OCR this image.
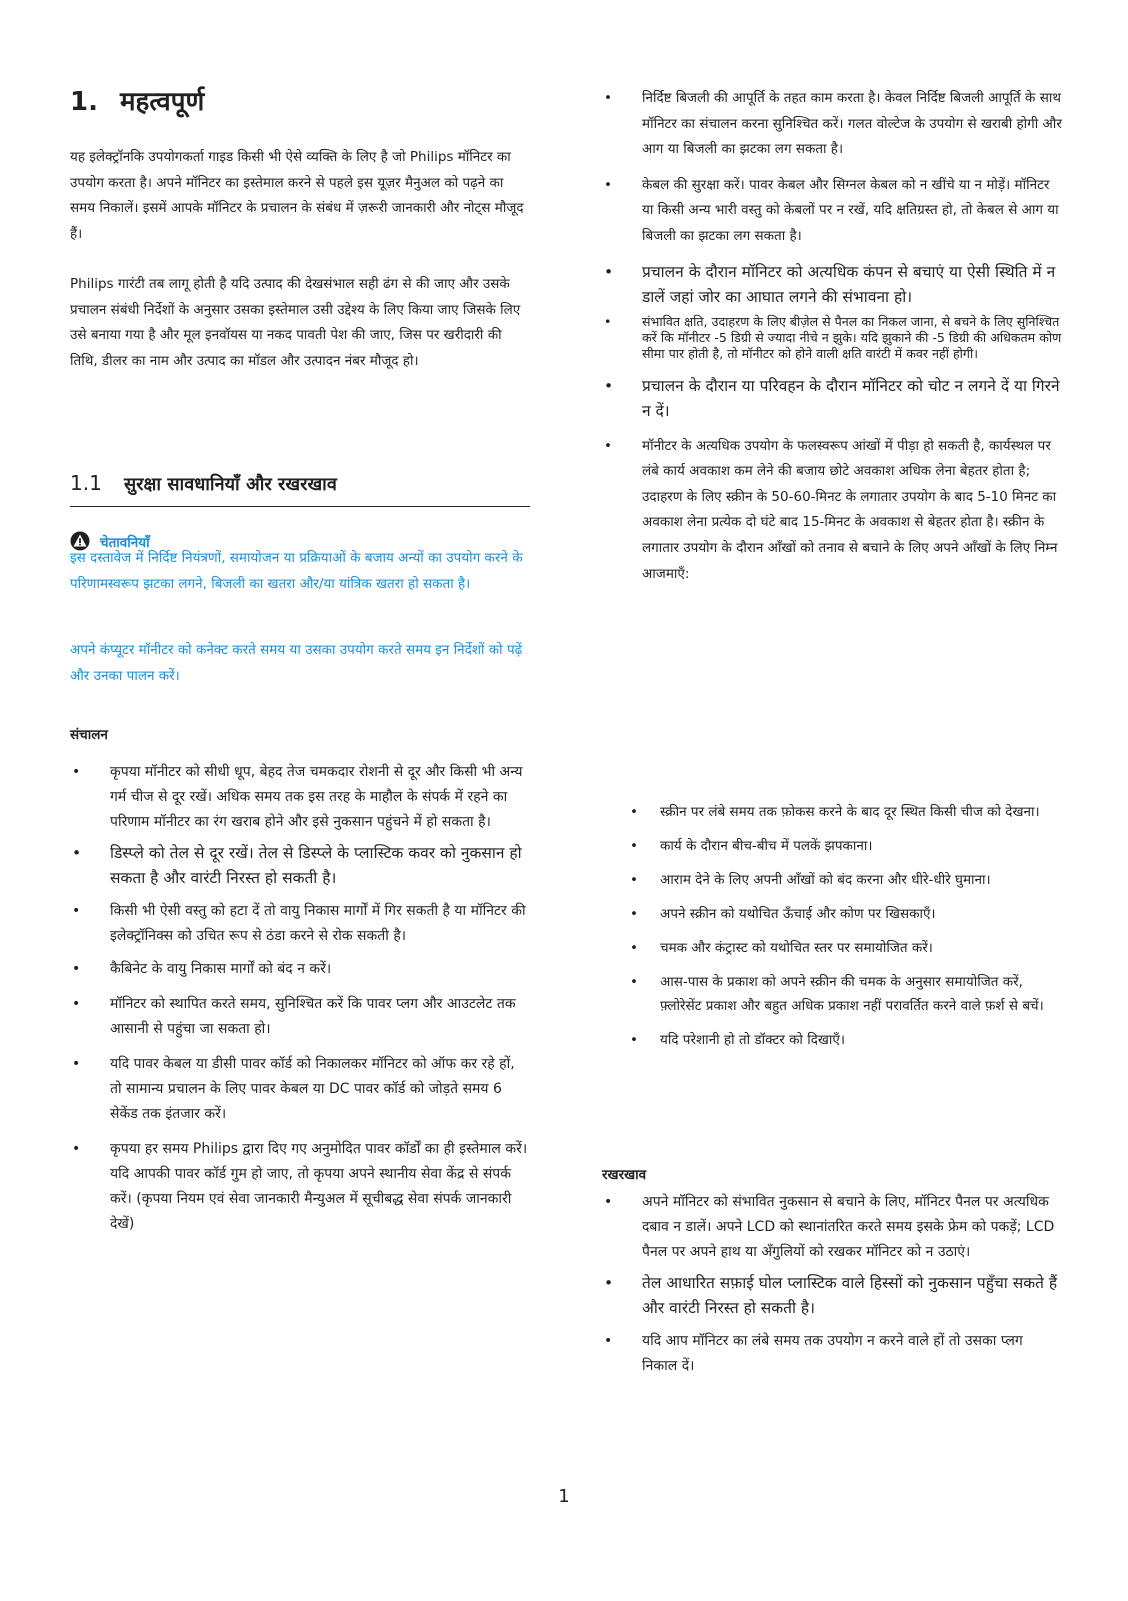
1. महत्वपूर्ण
यह इलेक्ट्रॉनकि उपयोगकर्ता गाइड किसी भी ऐसे व्यक्ति के लिए है जो Philips मॉनिटर का उपयोग करता है। अपने मॉनिटर का इस्तेमाल करने से पहले इस यूज़र मैनुअल को पढ़ने का समय निकालें। इसमें आपके मॉनिटर के प्रचालन के संबंध में ज़रूरी जानकारी और नोट्स मौजूद हैं।
Philips गारंटी तब लागू होती है यदि उत्पाद की देखसंभाल सही ढंग से की जाए और उसके प्रचालन संबंधी निर्देशों के अनुसार उसका इस्तेमाल उसी उद्देश्य के लिए किया जाए जिसके लिए उसे बनाया गया है और मूल इनवॉयस या नकद पावती पेश की जाए, जिस पर खरीदारी की तिथि, डीलर का नाम और उत्पाद का मॉडल और उत्पादन नंबर मौजूद हो।
1.1 सुरक्षा सावधानियाँ और रखरखाव
चेतावनियाँ
इस दस्तावेज में निर्दिष्ट नियंत्रणों, समायोजन या प्रक्रियाओं के बजाय अन्यों का उपयोग करने के परिणामस्वरूप झटका लगने, बिजली का खतरा और/या यांत्रिक खतरा हो सकता है।
अपने कंप्यूटर मॉनीटर को कनेक्ट करते समय या उसका उपयोग करते समय इन निर्देशों को पढ़ें और उनका पालन करें।
संचालन
•	कृपया मॉनीटर को सीधी धूप, बेहद तेज चमकदार रोशनी से दूर और किसी भी अन्य गर्म चीज से दूर रखें। अधिक समय तक इस तरह के माहौल के संपर्क में रहने का परिणाम मॉनीटर का रंग खराब होने और इसे नुकसान पहुंचने में हो सकता है।
•	डिस्प्ले को तेल से दूर रखें। तेल से डिस्प्ले के प्लास्टिक कवर को नुकसान हो सकता है और वारंटी निरस्त हो सकती है।
•	किसी भी ऐसी वस्तु को हटा दें तो वायु निकास मार्गों में गिर सकती है या मॉनिटर की इलेक्ट्रॉनिक्स को उचित रूप से ठंडा करने से रोक सकती है।
•	कैबिनेट के वायु निकास मार्गों को बंद न करें।
•	मॉनिटर को स्थापित करते समय, सुनिश्चित करें कि पावर प्लग और आउटलेट तक आसानी से पहुंचा जा सकता हो।
•	यदि पावर केबल या डीसी पावर कॉर्ड को निकालकर मॉनिटर को ऑफ कर रहे हों, तो सामान्य प्रचालन के लिए पावर केबल या DC पावर कॉर्ड को जोड़ते समय 6 सेकेंड तक इंतजार करें।
•	कृपया हर समय Philips द्वारा दिए गए अनुमोदित पावर कॉर्डों का ही इस्तेमाल करें। यदि आपकी पावर कॉर्ड गुम हो जाए, तो कृपया अपने स्थानीय सेवा केंद्र से संपर्क करें। (कृपया नियम एवं सेवा जानकारी मैन्युअल में सूचीबद्ध सेवा संपर्क जानकारी देखें)
•	निर्दिष्ट बिजली की आपूर्ति के तहत काम करता है। केवल निर्दिष्ट बिजली आपूर्ति के साथ मॉनिटर का संचालन करना सुनिश्चित करें। गलत वोल्टेज के उपयोग से खराबी होगी और आग या बिजली का झटका लग सकता है।
•	केबल की सुरक्षा करें। पावर केबल और सिग्नल केबल को न खींचे या न मोड़ें। मॉनिटर या किसी अन्य भारी वस्तु को केबलों पर न रखें, यदि क्षतिग्रस्त हो, तो केबल से आग या बिजली का झटका लग सकता है।
•	प्रचालन के दौरान मॉनिटर को अत्यधिक कंपन से बचाएं या ऐसी स्थिति में न डालें जहां जोर का आघात लगने की संभावना हो।
•	संभावित क्षति, उदाहरण के लिए बीज़ेल से पैनल का निकल जाना, से बचने के लिए सुनिश्चित करें कि मॉनीटर -5 डिग्री से ज्यादा नीचे न झुके। यदि झुकाने की -5 डिग्री की अधिकतम कोण सीमा पार होती है, तो मॉनीटर को होने वाली क्षति वारंटी में कवर नहीं होगी।
•	प्रचालन के दौरान या परिवहन के दौरान मॉनिटर को चोट न लगने दें या गिरने न दें।
•	मॉनीटर के अत्यधिक उपयोग के फलस्वरूप आंखों में पीड़ा हो सकती है, कार्यस्थल पर लंबे कार्य अवकाश कम लेने की बजाय छोटे अवकाश अधिक लेना बेहतर होता है; उदाहरण के लिए स्क्रीन के 50-60-मिनट के लगातार उपयोग के बाद 5-10 मिनट का अवकाश लेना प्रत्येक दो घंटे बाद 15-मिनट के अवकाश से बेहतर होता है। स्क्रीन के लगातार उपयोग के दौरान आँखों को तनाव से बचाने के लिए अपने आँखों के लिए निम्न आजमाएँ:
• स्क्रीन पर लंबे समय तक फ़ोकस करने के बाद दूर स्थित किसी चीज को देखना।
• कार्य के दौरान बीच-बीच में पलकें झपकाना।
• आराम देने के लिए अपनी आँखों को बंद करना और धीरे-धीरे घुमाना।
• अपने स्क्रीन को यथोचित ऊँचाई और कोण पर खिसकाएँ।
• चमक और कंट्रास्ट को यथोचित स्तर पर समायोजित करें।
• आस-पास के प्रकाश को अपने स्क्रीन की चमक के अनुसार समायोजित करें, फ़्लोरेसेंट प्रकाश और बहुत अधिक प्रकाश नहीं परावर्तित करने वाले फ़र्श से बचें।
• यदि परेशानी हो तो डॉक्टर को दिखाएँ।
रखरखाव
•	अपने मॉनिटर को संभावित नुकसान से बचाने के लिए, मॉनिटर पैनल पर अत्यधिक दबाव न डालें। अपने LCD को स्थानांतरित करते समय इसके फ्रेम को पकड़ें; LCD पैनल पर अपने हाथ या अँगुलियों को रखकर मॉनिटर को न उठाएं।
•	तेल आधारित सफ़ाई घोल प्लास्टिक वाले हिस्सों को नुकसान पहुँचा सकते हैं और वारंटी निरस्त हो सकती है।
•	यदि आप मॉनिटर का लंबे समय तक उपयोग न करने वाले हों तो उसका प्लग निकाल दें।
1
